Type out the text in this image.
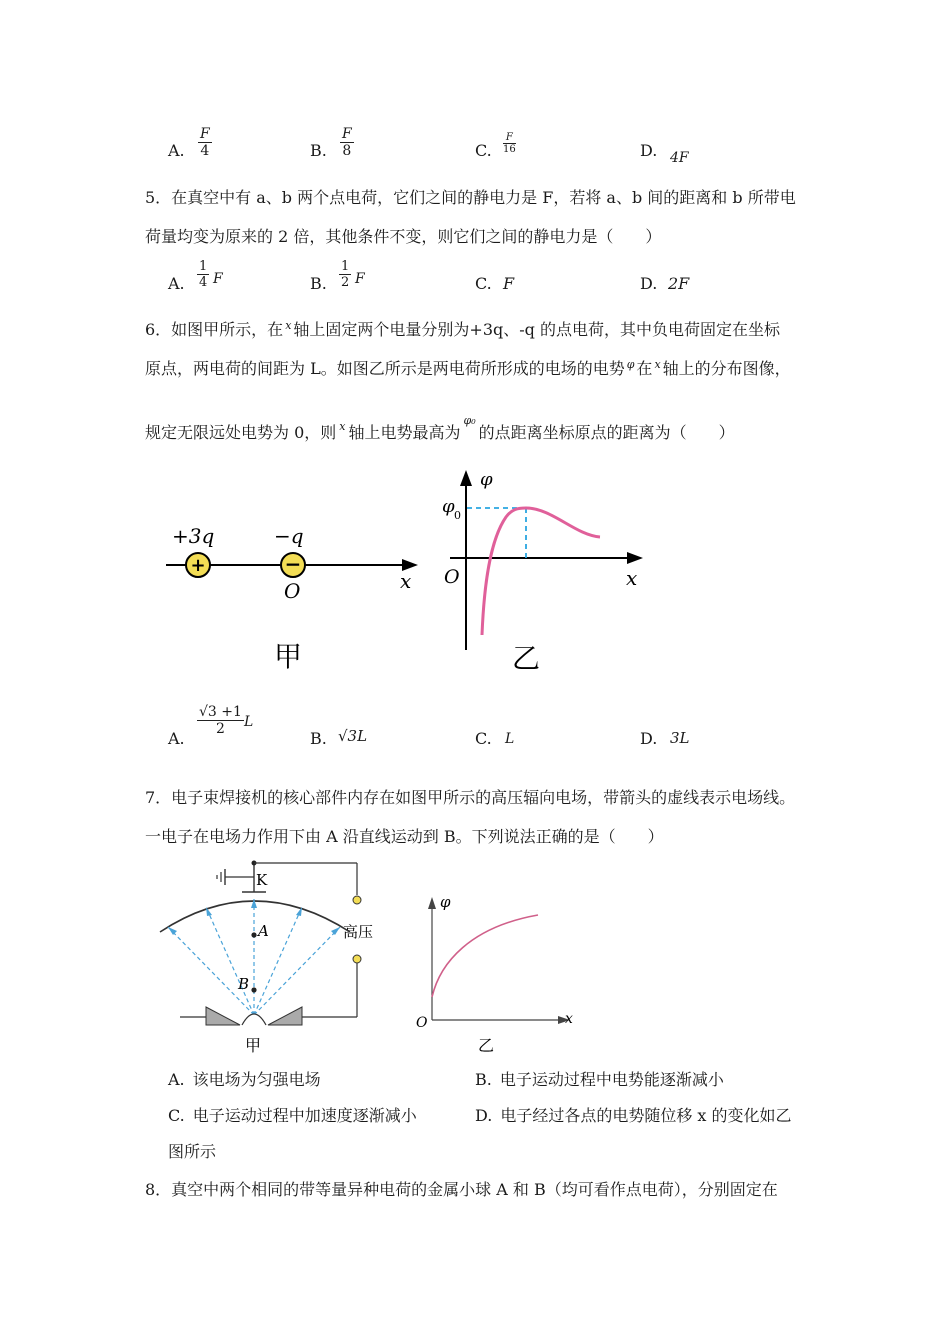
A. $\frac{F}{4}$	B. $\frac{F}{8}$	C. $\frac{F}{16}$	D. 4F
5．在真空中有 a、b 两个点电荷，它们之间的静电力是 F，若将 a、b 间的距离和 b 所带电
荷量均变为原来的 2 倍，其他条件不变，则它们之间的静电力是（　　）
A. $\frac{1}{4}$ F	B. $\frac{1}{2}$ F	C. F	D. 2F
6．如图甲所示，在 $^x$ 轴上固定两个电量分别为+3q、-q 的点电荷，其中负电荷固定在坐标
原点，两电荷的间距为 L。如图乙所示是两电荷所形成的电场的电势 $^\varphi$ 在 $^x$ 轴上的分布图像，
规定无限远处电势为 0，则 $^x$ 轴上电势最高为$^{\varphi_0}$的点距离坐标原点的距离为（　　）
+	−
+3q	−q
O	x
甲
φ
φ 0
O	x
乙
A.
$\frac{√3 +1}{2}$ L
B. √3L	C. L	D. 3L
7．电子束焊接机的核心部件内存在如图甲所示的高压辐向电场，带箭头的虚线表示电场线。
一电子在电场力作用下由 A 沿直线运动到 B。下列说法正确的是（　　）
K
高压
A
B
甲
φ
O	x
乙
A. 该电场为匀强电场	B. 电子运动过程中电势能逐渐减小
C. 电子运动过程中加速度逐渐减小	D. 电子经过各点的电势随位移 x 的变化如乙
图所示
8．真空中两个相同的带等量异种电荷的金属小球 A 和 B（均可看作点电荷），分别固定在
